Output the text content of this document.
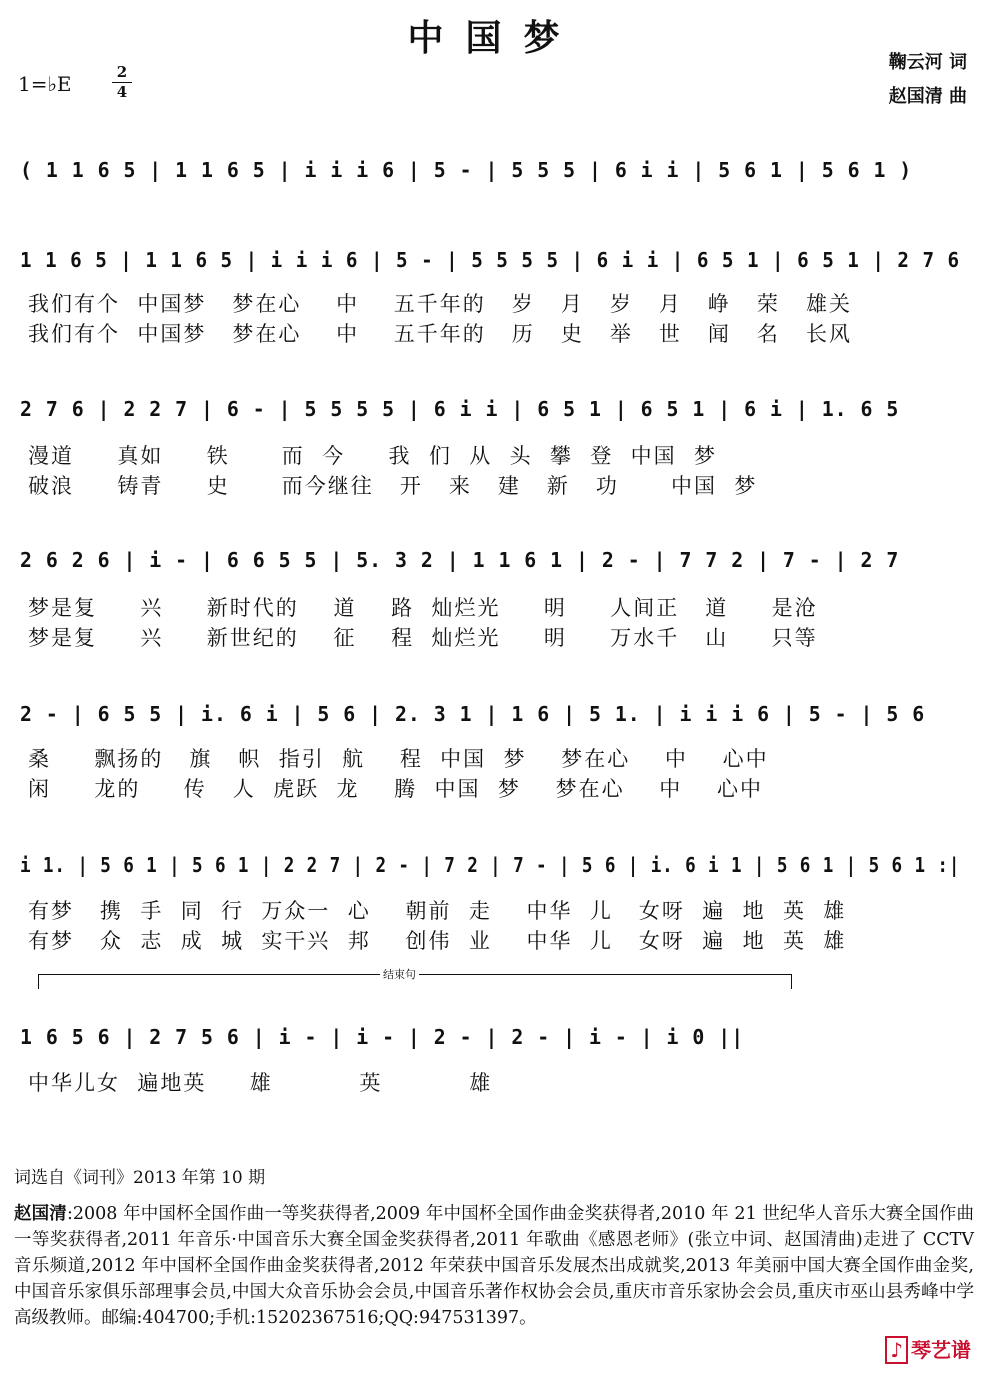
中国梦
鞠云河 词
赵国清 曲
1=♭E	2
4
( 1 1 6 5 | 1 1 6 5 | i i i 6 | 5 - | 5 5 5 | 6 i i | 5 6 1 | 5 6 1 )
1 1 6 5 | 1 1 6 5 | i i i 6 | 5 - | 5 5 5 5 | 6 i i | 6 5 1 | 6 5 1 | 2 7 6
我们有个  中国梦   梦在心    中    五千年的   岁   月   岁   月   峥   荣   雄关
我们有个  中国梦   梦在心    中    五千年的   历   史   举   世   闻   名   长风
2 7 6 | 2 2 7 | 6 - | 5 5 5 5 | 6 i i | 6 5 1 | 6 5 1 | 6 i | 1. 6 5
漫道     真如     铁      而  今     我  们  从  头  攀  登  中国  梦
破浪     铸青     史      而今继往   开   来   建   新   功      中国  梦
2 6 2 6 | i - | 6 6 5 5 | 5. 3 2 | 1 1 6 1 | 2 - | 7 7 2 | 7 - | 2 7
梦是复     兴     新时代的    道    路  灿烂光     明     人间正   道     是沧
梦是复     兴     新世纪的    征    程  灿烂光     明     万水千   山     只等
2 - | 6 5 5 | i. 6 i | 5 6 | 2. 3 1 | 1 6 | 5 1. | i i i 6 | 5 - | 5 6
桑     飘扬的   旗   帜  指引  航    程  中国  梦    梦在心    中    心中
闲     龙的     传   人  虎跃  龙    腾  中国  梦    梦在心    中    心中
i 1. | 5 6 1 | 5 6 1 | 2 2 7 | 2 - | 7 2 | 7 - | 5 6 | i. 6 i 1 | 5 6 1 | 5 6 1 :|
有梦   携  手  同  行  万众一  心    朝前  走    中华  儿   女呀  遍  地  英  雄
有梦   众  志  成  城  实干兴  邦    创伟  业    中华  儿   女呀  遍  地  英  雄
1 6 5 6 | 2 7 5 6 | i - | i - | 2 - | 2 - | i - | i 0 ||
中华儿女  遍地英     雄          英          雄
结束句
词选自《词刊》2013 年第 10 期
赵国清:2008 年中国杯全国作曲一等奖获得者,2009 年中国杯全国作曲金奖获得者,2010 年 21 世纪华人音乐大赛全国作曲一等奖获得者,2011 年音乐·中国音乐大赛全国金奖获得者,2011 年歌曲《感恩老师》(张立中词、赵国清曲)走进了 CCTV 音乐频道,2012 年中国杯全国作曲金奖获得者,2012 年荣获中国音乐发展杰出成就奖,2013 年美丽中国大赛全国作曲金奖,中国音乐家俱乐部理事会员,中国大众音乐协会会员,中国音乐著作权协会会员,重庆市音乐家协会会员,重庆市巫山县秀峰中学高级教师。邮编:404700;手机:15202367516;QQ:947531397。
♪ 琴艺谱
